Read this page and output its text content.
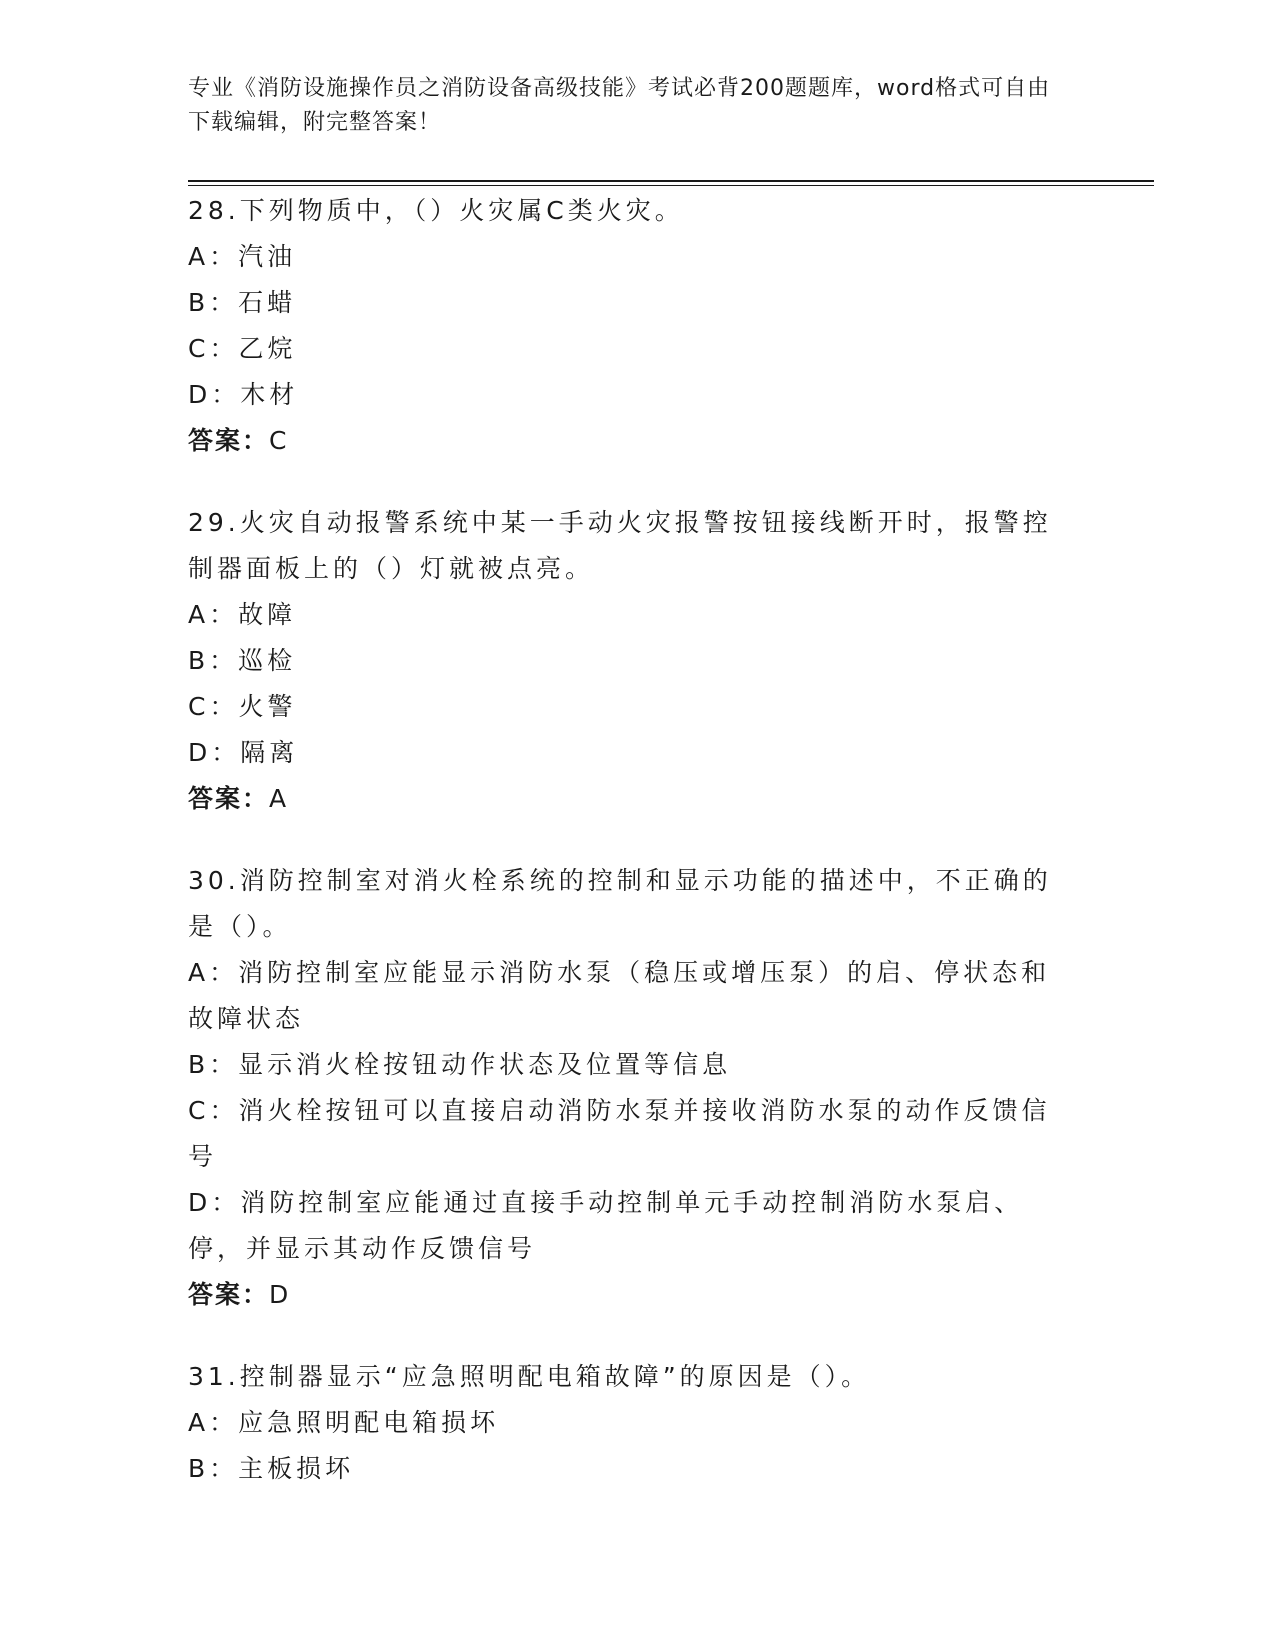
专业《消防设施操作员之消防设备高级技能》考试必背200题题库，word格式可自由下载编辑，附完整答案！

28.下列物质中，（）火灾属C类火灾。

A：汽油

B：石蜡

C：乙烷

D：木材

答案：C

29.火灾自动报警系统中某一手动火灾报警按钮接线断开时，报警控制器面板上的（）灯就被点亮。

A：故障

B：巡检

C：火警

D：隔离

答案：A

30.消防控制室对消火栓系统的控制和显示功能的描述中，不正确的是（）。

A：消防控制室应能显示消防水泵（稳压或增压泵）的启、停状态和故障状态

B：显示消火栓按钮动作状态及位置等信息

C：消火栓按钮可以直接启动消防水泵并接收消防水泵的动作反馈信号

D：消防控制室应能通过直接手动控制单元手动控制消防水泵启、停，并显示其动作反馈信号

答案：D

31.控制器显示“应急照明配电箱故障”的原因是（）。

A：应急照明配电箱损坏

B：主板损坏
